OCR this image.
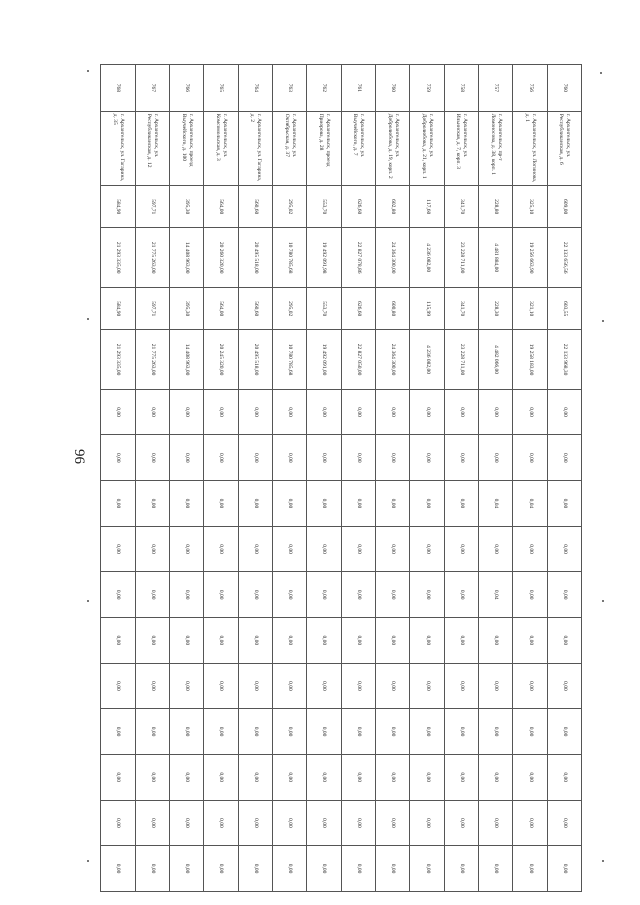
96
760	г. Архангельск, ул. Республиканская, д. 6	609,00	22 133 656,56	603,55	22 133 968,30	0,00	0,00	0,00	0,00	0,00	0,00	0,00	0,00	0,00	0,00	0,00
756	г. Архангельск, ул. Логинова, д. 1	325,10	19 256 663,90	321,10	19 258 183,00	0,00	0,00	0,04	0,00	0,00	0,00	0,00	0,00	0,00	0,00	0,00
757	г. Архангельск, пр-т Ломоносова, д. 38, корп. 1	228,80	4 481 884,00	228,30	4 482 066,00	0,00	0,00	0,04	0,00	0,04	0,00	0,00	0,00	0,00	0,00	0,00
758	г. Архангельск, ул. Ильинская, д. 7, корп. 3	341,70	23 228 711,00	341,70	23 228 711,00	0,00	0,00	0,00	0,00	0,00	0,00	0,00	0,00	0,00	0,00	0,00
759	г. Архангельск, ул. Добролюбова, д. 21, корп. 1	117,60	4 236 082,00	115,99	4 236 082,00	0,00	0,00	0,00	0,00	0,00	0,00	0,00	0,00	0,00	0,00	0,00
760	г. Архангельск, ул. Добролюбова, д. 19, корп. 2	602,80	24 364 300,00	600,80	24 364 300,00	0,00	0,00	0,00	0,00	0,00	0,00	0,00	0,00	0,00	0,00	0,00
761	г. Архангельск, ул. Выучейского, д. 7	626,60	22 827 078,86	626,60	22 827 050,00	0,00	0,00	0,00	0,00	0,00	0,00	0,00	0,00	0,00	0,00	0,00
762	г. Архангельск, проезд Приорова, д. 28	553,70	19 492 091,98	553,70	19 492 091,00	0,00	0,00	0,00	0,00	0,00	0,00	0,00	0,00	0,00	0,00	0,00
763	г. Архангельск, ул. Октябрьская, д. 37	295,02	10 780 785,68	295,02	10 780 785,68	0,00	0,00	0,00	0,00	0,00	0,00	0,00	0,00	0,00	0,00	0,00
764	г. Архангельск, ул. Гагарина, д. 2	560,60	20 495 518,00	560,60	20 495 518,00	0,00	0,00	0,00	0,00	0,00	0,00	0,00	0,00	0,00	0,00	0,00
765	г. Архангельск, ул. Комсомольская, д. 3	564,00	20 260 320,00	564,00	20 245 320,00	0,00	0,00	0,00	0,00	0,00	0,00	0,00	0,00	0,00	0,00	0,00
766	г. Архангельск, проезд Выучейского, д. 100	395,30	14 408 963,00	395,30	14 408 963,00	0,00	0,00	0,00	0,00	0,00	0,00	0,00	0,00	0,00	0,00	0,00
767	г. Архангельск, ул. Республиканская, д. 12	597,71	21 775 263,00	597,71	21 775 263,00	0,00	0,00	0,00	0,00	0,00	0,00	0,00	0,00	0,00	0,00	0,00
768	г. Архангельск, ул. Гагарина, д. 35	584,90	21 293 335,00	584,90	21 293 335,00	0,00	0,00	0,00	0,00	0,00	0,00	0,00	0,00	0,00	0,00	0,00
